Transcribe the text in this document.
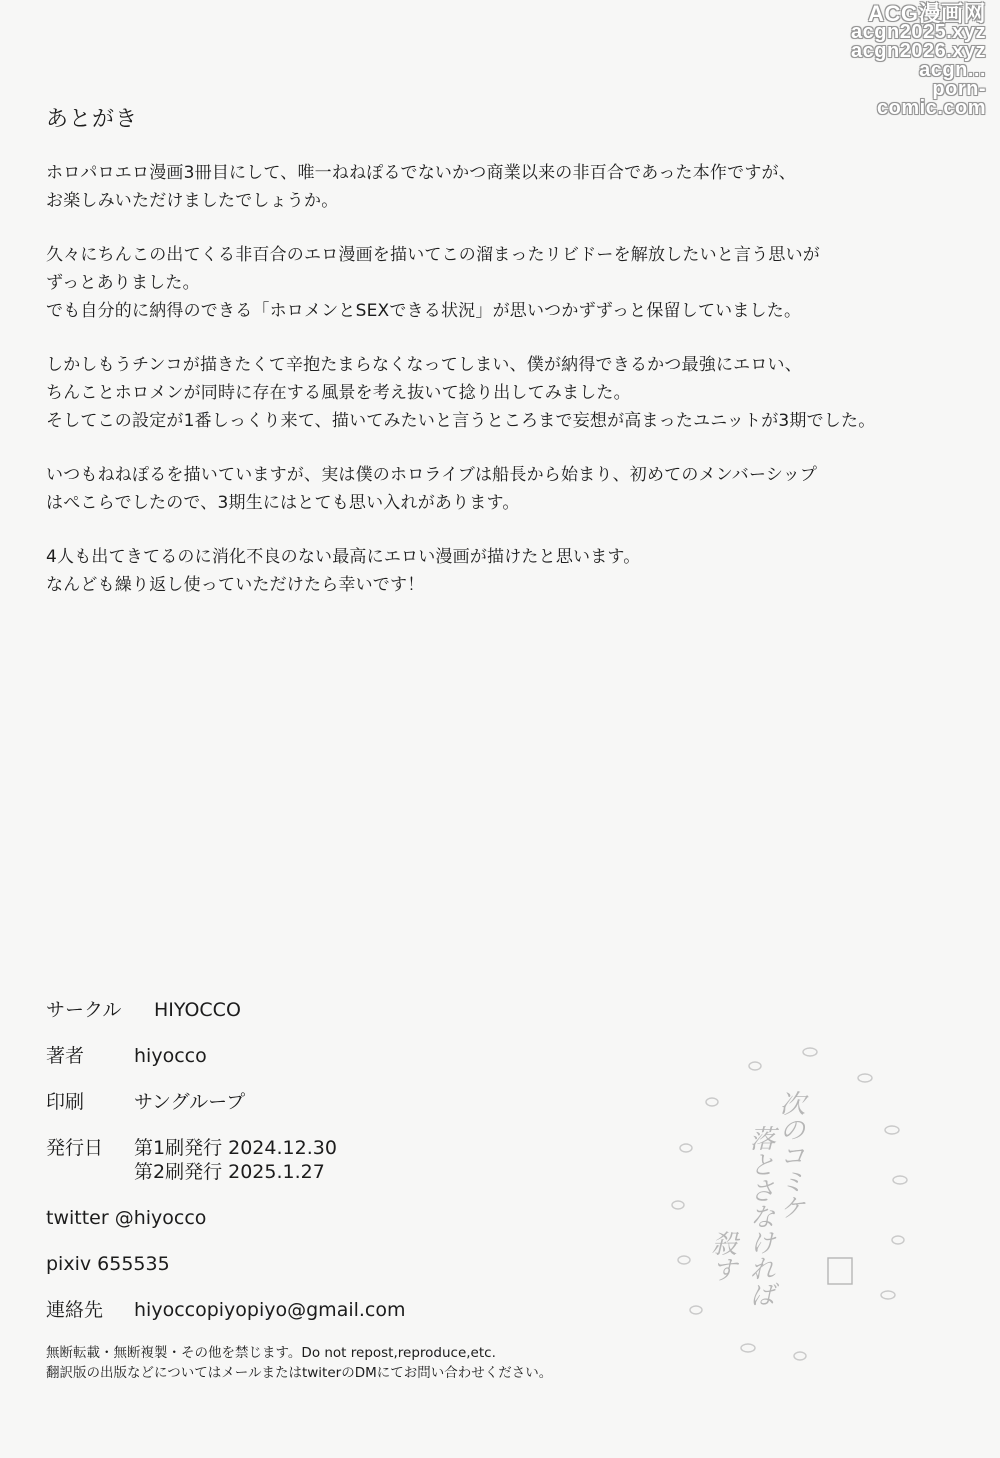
ACG漫画网
acgn2025.xyz
acgn2026.xyz
acgn...
porn-comic.com
あとがき

ホロパロエロ漫画3冊目にして、唯一ねねぽるでないかつ商業以来の非百合であった本作ですが、
お楽しみいただけましたでしょうか。

久々にちんこの出てくる非百合のエロ漫画を描いてこの溜まったリビドーを解放したいと言う思いが
ずっとありました。
でも自分的に納得のできる「ホロメンとSEXできる状況」が思いつかずずっと保留していました。

しかしもうチンコが描きたくて辛抱たまらなくなってしまい、僕が納得できるかつ最強にエロい、
ちんことホロメンが同時に存在する風景を考え抜いて捻り出してみました。
そしてこの設定が1番しっくり来て、描いてみたいと言うところまで妄想が高まったユニットが3期でした。

いつもねねぽるを描いていますが、実は僕のホロライブは船長から始まり、初めてのメンバーシップ
はぺこらでしたので、3期生にはとても思い入れがあります。

4人も出てきてるのに消化不良のない最高にエロい漫画が描けたと思います。
なんども繰り返し使っていただけたら幸いです！

サークル	HIYOCCO
著者	hiyocco
印刷	サングループ
発行日	第1刷発行 2024.12.30
第2刷発行 2025.1.27
twitter @hiyocco
pixiv 655535
連絡先	hiyoccopiyopiyo@gmail.com
無断転載・無断複製・その他を禁じます。Do not repost,reproduce,etc.
翻訳版の出版などについてはメールまたはtwiterのDMにてお問い合わせください。
次のコミケ
落とさなければ
殺す
